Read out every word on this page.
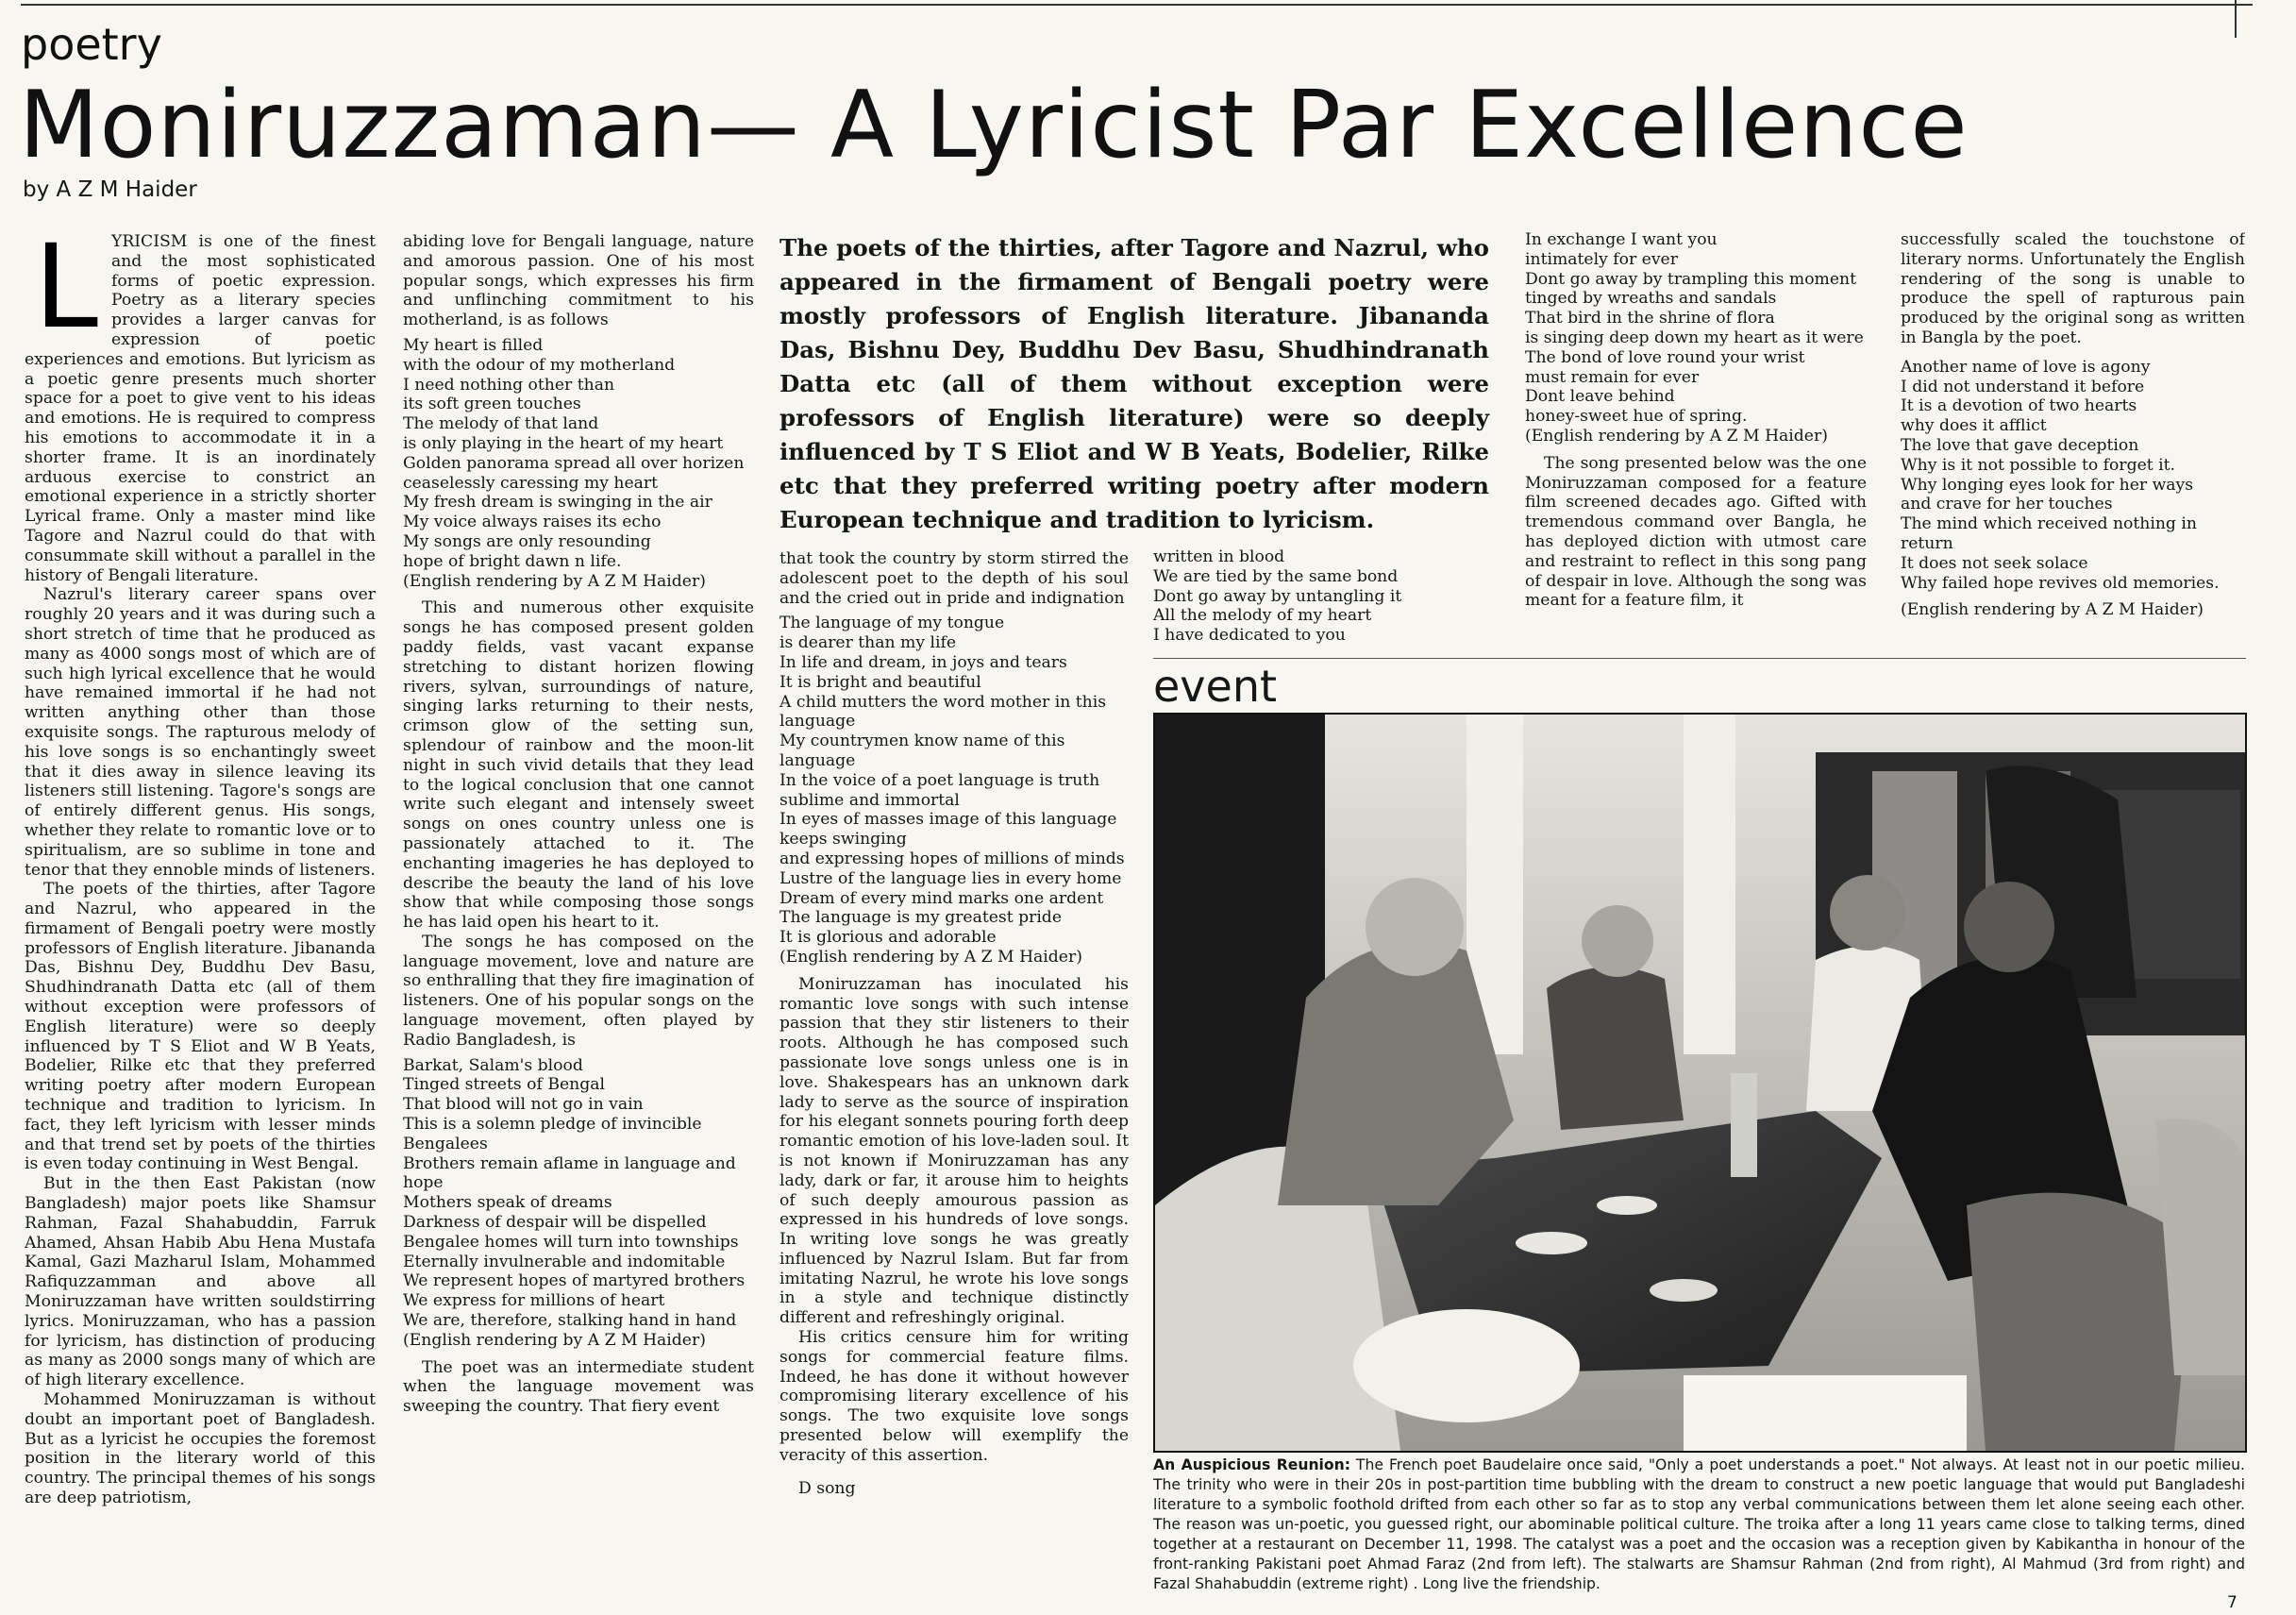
poetry
Moniruzzaman— A Lyricist Par Excellence
by A Z M Haider

L YRICISM is one of the finest and the most sophisticated forms of poetic expression. Poetry as a literary species provides a larger canvas for expression of poetic experiences and emotions. But lyricism as a poetic genre presents much shorter space for a poet to give vent to his ideas and emotions. He is required to compress his emotions to accommodate it in a shorter frame. It is an inordinately arduous exercise to constrict an emotional experience in a strictly shorter Lyrical frame. Only a master mind like Tagore and Nazrul could do that with consummate skill without a parallel in the history of Bengali literature.

Nazrul's literary career spans over roughly 20 years and it was during such a short stretch of time that he produced as many as 4000 songs most of which are of such high lyrical excellence that he would have remained immortal if he had not written anything other than those exquisite songs. The rapturous melody of his love songs is so enchantingly sweet that it dies away in silence leaving its listeners still listening. Tagore's songs are of entirely different genus. His songs, whether they relate to romantic love or to spiritualism, are so sublime in tone and tenor that they ennoble minds of listeners.

The poets of the thirties, after Tagore and Nazrul, who appeared in the firmament of Bengali poetry were mostly professors of English literature. Jibananda Das, Bishnu Dey, Buddhu Dev Basu, Shudhindranath Datta etc (all of them without exception were professors of English literature) were so deeply influenced by T S Eliot and W B Yeats, Bodelier, Rilke etc that they preferred writing poetry after modern European technique and tradition to lyricism. In fact, they left lyricism with lesser minds and that trend set by poets of the thirties is even today continuing in West Bengal.

But in the then East Pakistan (now Bangladesh) major poets like Shamsur Rahman, Fazal Shahabuddin, Farruk Ahamed, Ahsan Habib Abu Hena Mustafa Kamal, Gazi Mazharul Islam, Mohammed Rafiquzzamman and above all Moniruzzaman have written souldstirring lyrics. Moniruzzaman, who has a passion for lyricism, has distinction of producing as many as 2000 songs many of which are of high literary excellence.

Mohammed Moniruzzaman is without doubt an important poet of Bangladesh. But as a lyricist he occupies the foremost position in the literary world of this country. The principal themes of his songs are deep patriotism,

abiding love for Bengali language, nature and amorous passion. One of his most popular songs, which expresses his firm and unflinching commitment to his motherland, is as follows

My heart is filled
with the odour of my motherland
I need nothing other than
its soft green touches
The melody of that land
is only playing in the heart of my heart
Golden panorama spread all over horizen
ceaselessly caressing my heart
My fresh dream is swinging in the air
My voice always raises its echo
My songs are only resounding
hope of bright dawn n life.
(English rendering by A Z M Haider)

This and numerous other exquisite songs he has composed present golden paddy fields, vast vacant expanse stretching to distant horizen flowing rivers, sylvan, surroundings of nature, singing larks returning to their nests, crimson glow of the setting sun, splendour of rainbow and the moon-lit night in such vivid details that they lead to the logical conclusion that one cannot write such elegant and intensely sweet songs on ones country unless one is passionately attached to it. The enchanting imageries he has deployed to describe the beauty the land of his love show that while composing those songs he has laid open his heart to it.

The songs he has composed on the language movement, love and nature are so enthralling that they fire imagination of listeners. One of his popular songs on the language movement, often played by Radio Bangladesh, is

Barkat, Salam's blood
Tinged streets of Bengal
That blood will not go in vain
This is a solemn pledge of invincible Bengalees
Brothers remain aflame in language and hope
Mothers speak of dreams
Darkness of despair will be dispelled
Bengalee homes will turn into townships
Eternally invulnerable and indomitable
We represent hopes of martyred brothers
We express for millions of heart
We are, therefore, stalking hand in hand
(English rendering by A Z M Haider)

The poet was an intermediate student when the language movement was sweeping the country. That fiery event

The poets of the thirties, after Tagore and Nazrul, who appeared in the firmament of Bengali poetry were mostly professors of English literature. Jibananda Das, Bishnu Dey, Buddhu Dev Basu, Shudhindranath Datta etc (all of them without exception were professors of English literature) were so deeply influenced by T S Eliot and W B Yeats, Bodelier, Rilke etc that they preferred writing poetry after modern European technique and tradition to lyricism.

that took the country by storm stirred the adolescent poet to the depth of his soul and the cried out in pride and indignation

The language of my tongue
is dearer than my life
In life and dream, in joys and tears
It is bright and beautiful
A child mutters the word mother in this language
My countrymen know name of this language
In the voice of a poet language is truth sublime and immortal
In eyes of masses image of this language keeps swinging
and expressing hopes of millions of minds
Lustre of the language lies in every home
Dream of every mind marks one ardent
The language is my greatest pride
It is glorious and adorable
(English rendering by A Z M Haider)

Moniruzzaman has inoculated his romantic love songs with such intense passion that they stir listeners to their roots. Although he has composed such passionate love songs unless one is in love. Shakespears has an unknown dark lady to serve as the source of inspiration for his elegant sonnets pouring forth deep romantic emotion of his love-laden soul. It is not known if Moniruzzaman has any lady, dark or far, it arouse him to heights of such deeply amourous passion as expressed in his hundreds of love songs. In writing love songs he was greatly influenced by Nazrul Islam. But far from imitating Nazrul, he wrote his love songs in a style and technique distinctly different and refreshingly original.

His critics censure him for writing songs for commercial feature films. Indeed, he has done it without however compromising literary excellence of his songs. The two exquisite love songs presented below will exemplify the veracity of this assertion.

D song

written in blood
We are tied by the same bond
Dont go away by untangling it
All the melody of my heart
I have dedicated to you
In exchange I want you
intimately for ever
Dont go away by trampling this moment
tinged by wreaths and sandals
That bird in the shrine of flora
is singing deep down my heart as it were
The bond of love round your wrist
must remain for ever
Dont leave behind
honey-sweet hue of spring.
(English rendering by A Z M Haider)

The song presented below was the one Moniruzzaman composed for a feature film screened decades ago. Gifted with tremendous command over Bangla, he has deployed diction with utmost care and restraint to reflect in this song pang of despair in love. Although the song was meant for a feature film, it

successfully scaled the touchstone of literary norms. Unfortunately the English rendering of the song is unable to produce the spell of rapturous pain produced by the original song as written in Bangla by the poet.

Another name of love is agony
I did not understand it before
It is a devotion of two hearts
why does it afflict
The love that gave deception
Why is it not possible to forget it.
Why longing eyes look for her ways
and crave for her touches
The mind which received nothing in return
It does not seek solace
Why failed hope revives old memories.

(English rendering by A Z M Haider)

event
An Auspicious Reunion: The French poet Baudelaire once said, "Only a poet understands a poet." Not always. At least not in our poetic milieu. The trinity who were in their 20s in post-partition time bubbling with the dream to construct a new poetic language that would put Bangladeshi literature to a symbolic foothold drifted from each other so far as to stop any verbal communications between them let alone seeing each other. The reason was un-poetic, you guessed right, our abominable political culture. The troika after a long 11 years came close to talking terms, dined together at a restaurant on December 11, 1998. The catalyst was a poet and the occasion was a reception given by Kabikantha in honour of the front-ranking Pakistani poet Ahmad Faraz (2nd from left). The stalwarts are Shamsur Rahman (2nd from right), Al Mahmud (3rd from right) and Fazal Shahabuddin (extreme right) . Long live the friendship.
7
